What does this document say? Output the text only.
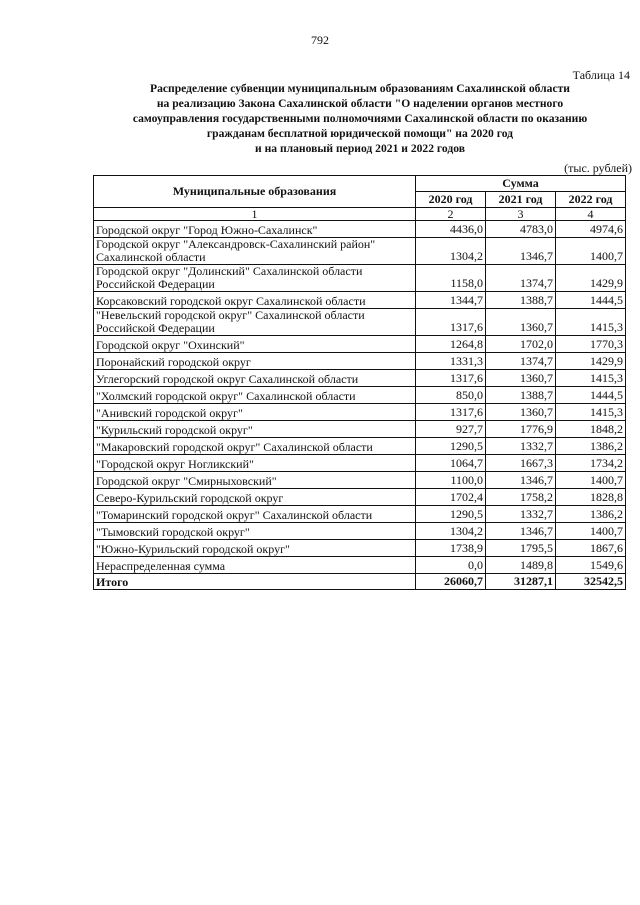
792
Таблица 14
Распределение субвенции муниципальным образованиям Сахалинской области
на реализацию Закона Сахалинской области "О наделении органов местного
самоуправления государственными полномочиями Сахалинской области по оказанию
гражданам бесплатной юридической помощи" на 2020 год
и на плановый период 2021 и 2022 годов
(тыс. рублей)
Муниципальные образования	Сумма		
	2020 год	2021 год	2022 год
1	2	3	4
Городской округ "Город Южно-Сахалинск"	4436,0	4783,0	4974,6
Городской округ "Александровск-Сахалинский район" Сахалинской области	1304,2	1346,7	1400,7
Городской округ "Долинский" Сахалинской области Российской Федерации	1158,0	1374,7	1429,9
Корсаковский городской округ Сахалинской области	1344,7	1388,7	1444,5
"Невельский городской округ" Сахалинской области Российской Федерации	1317,6	1360,7	1415,3
Городской округ "Охинский"	1264,8	1702,0	1770,3
Поронайский городской округ	1331,3	1374,7	1429,9
Углегорский городской округ Сахалинской области	1317,6	1360,7	1415,3
"Холмский городской округ" Сахалинской области	850,0	1388,7	1444,5
"Анивский городской округ"	1317,6	1360,7	1415,3
"Курильский городской округ"	927,7	1776,9	1848,2
"Макаровский городской округ" Сахалинской области	1290,5	1332,7	1386,2
"Городской округ Ногликский"	1064,7	1667,3	1734,2
Городской округ "Смирныховский"	1100,0	1346,7	1400,7
Северо-Курильский городской округ	1702,4	1758,2	1828,8
"Томаринский городской округ" Сахалинской области	1290,5	1332,7	1386,2
"Тымовский городской округ"	1304,2	1346,7	1400,7
"Южно-Курильский городской округ"	1738,9	1795,5	1867,6
Нераспределенная сумма	0,0	1489,8	1549,6
Итого	26060,7	31287,1	32542,5
